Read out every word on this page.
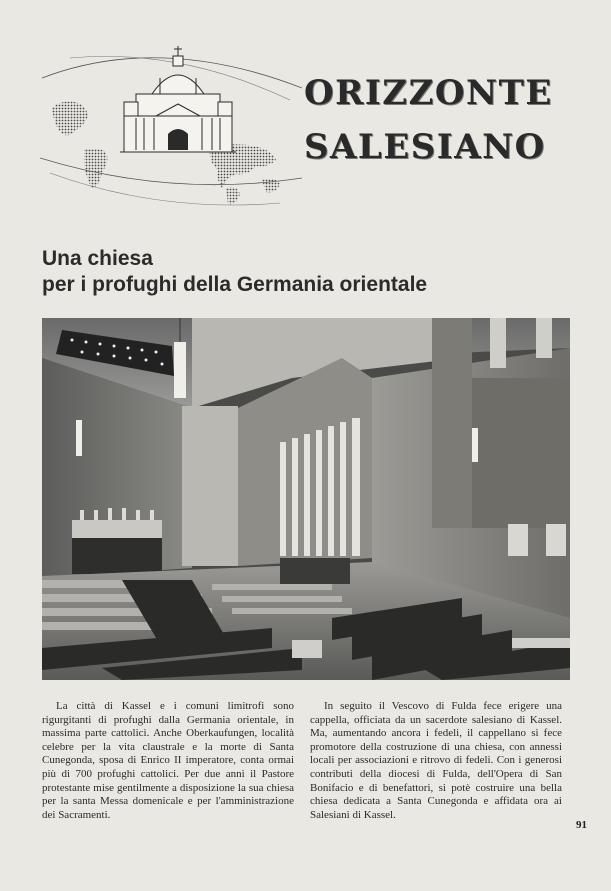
ORIZZONTE
SALESIANO
Una chiesa
per i profughi della Germania orientale
La città di Kassel e i comuni limitrofi sono rigurgitanti di profughi dalla Germania orientale, in massima parte cattolici. Anche Oberkaufungen, località celebre per la vita claustrale e la morte di Santa Cunegonda, sposa di Enrico II imperatore, conta ormai più di 700 profughi cattolici. Per due anni il Pastore protestante mise gentilmente a disposizione la sua chiesa per la santa Messa domenicale e per l'amministrazione dei Sacramenti.
In seguito il Vescovo di Fulda fece erigere una cappella, officiata da un sacerdote salesiano di Kassel. Ma, aumentando ancora i fedeli, il cappellano si fece promotore della costruzione di una chiesa, con annessi locali per associazioni e ritrovo di fedeli. Con i generosi contributi della diocesi di Fulda, dell'Opera di San Bonifacio e di benefattori, si potè costruire una bella chiesa dedicata a Santa Cunegonda e affidata ora ai Salesiani di Kassel.
91
